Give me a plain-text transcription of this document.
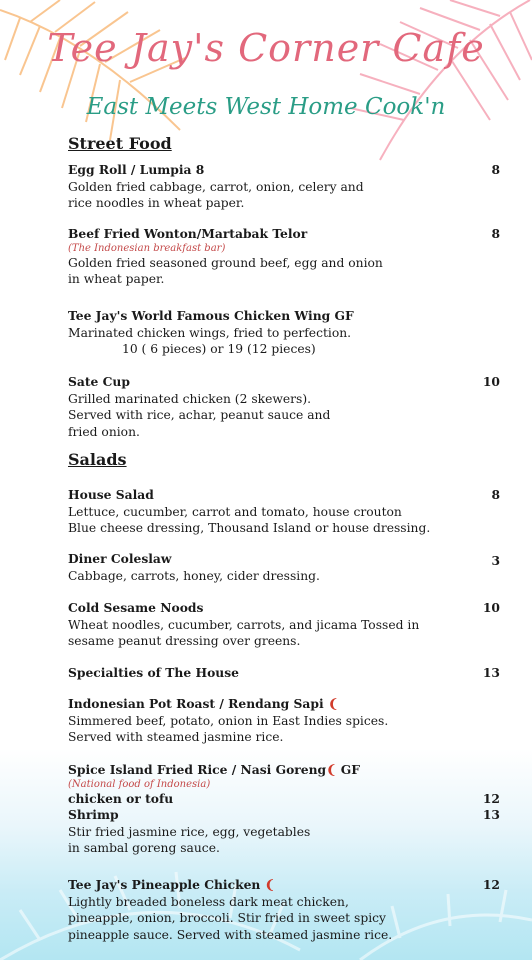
Tee Jay's Corner Cafe
East Meets West Home Cook'n
Street Food
Egg Roll / Lumpia 8	8
Golden fried cabbage, carrot, onion, celery and
rice noodles in wheat paper.
Beef Fried Wonton/Martabak Telor	8
(The Indonesian breakfast bar)
Golden fried seasoned ground beef, egg and onion
in wheat paper.
Tee Jay's World Famous Chicken Wing GF
Marinated chicken wings, fried to perfection.
10 ( 6 pieces) or 19 (12 pieces)
Sate Cup	10
Grilled marinated chicken (2 skewers).
Served with rice, achar, peanut sauce and
fried onion.
Salads
House Salad	8
Lettuce, cucumber, carrot and tomato, house crouton
Blue cheese dressing, Thousand Island or house dressing.
Diner Coleslaw	3
Cabbage, carrots, honey, cider dressing.
Cold Sesame Noods	10
Wheat noodles, cucumber, carrots, and jicama Tossed in
sesame peanut dressing over greens.
Specialties of The House	13
Indonesian Pot Roast / Rendang Sapi ❨
Simmered beef, potato, onion in East Indies spices.
Served with steamed jasmine rice.
Spice Island Fried Rice / Nasi Goreng❨ GF
(National food of Indonesia)
chicken or tofu	12
Shrimp	13
Stir fried jasmine rice, egg, vegetables
in sambal goreng sauce.
Tee Jay's Pineapple Chicken ❨	12
Lightly breaded boneless dark meat chicken,
pineapple, onion, broccoli. Stir fried in sweet spicy
pineapple sauce. Served with steamed jasmine rice.
